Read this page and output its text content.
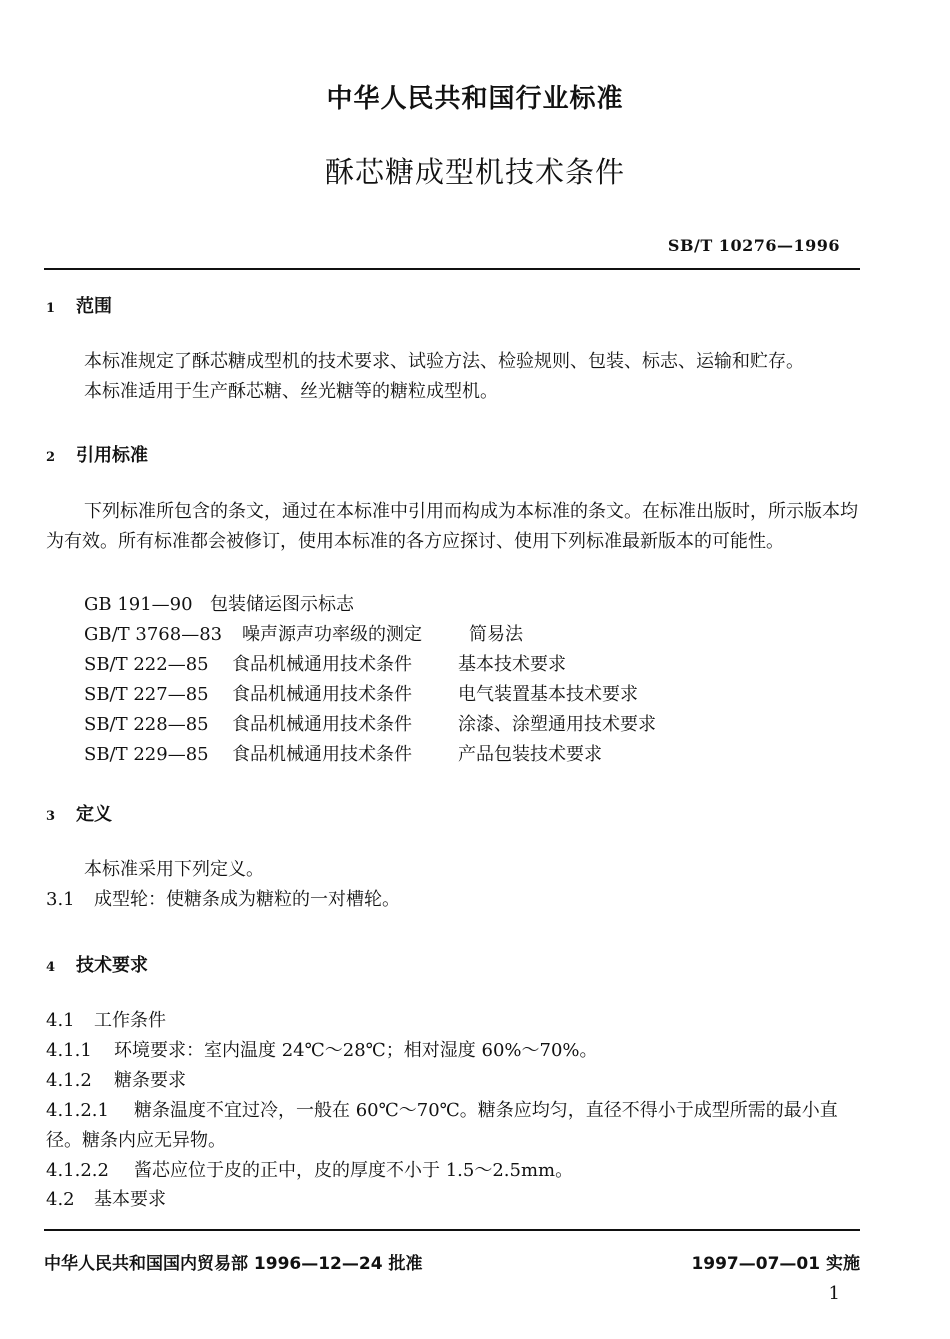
中华人民共和国行业标准
酥芯糖成型机技术条件
SB/T 10276—1996
1 范围
本标准规定了酥芯糖成型机的技术要求、试验方法、检验规则、包装、标志、运输和贮存。
本标准适用于生产酥芯糖、丝光糖等的糖粒成型机。
2 引用标准
下列标准所包含的条文，通过在本标准中引用而构成为本标准的条文。在标准出版时，所示版本均为有效。所有标准都会被修订，使用本标准的各方应探讨、使用下列标准最新版本的可能性。
GB 191—90 包装储运图示标志
GB/T 3768—83 噪声源声功率级的测定	简易法
SB/T 222—85 食品机械通用技术条件	基本技术要求
SB/T 227—85 食品机械通用技术条件	电气装置基本技术要求
SB/T 228—85 食品机械通用技术条件	涂漆、涂塑通用技术要求
SB/T 229—85 食品机械通用技术条件	产品包装技术要求
3 定义
本标准采用下列定义。
3.1 成型轮：使糖条成为糖粒的一对槽轮。
4 技术要求
4.1 工作条件
4.1.1 环境要求：室内温度 24℃～28℃；相对湿度 60%～70%。
4.1.2 糖条要求
4.1.2.1 糖条温度不宜过冷，一般在 60℃～70℃。糖条应均匀，直径不得小于成型所需的最小直径。糖条内应无异物。
4.1.2.2 酱芯应位于皮的正中，皮的厚度不小于 1.5～2.5mm。
4.2 基本要求
中华人民共和国国内贸易部 1996—12—24 批准	1997—07—01 实施
1
